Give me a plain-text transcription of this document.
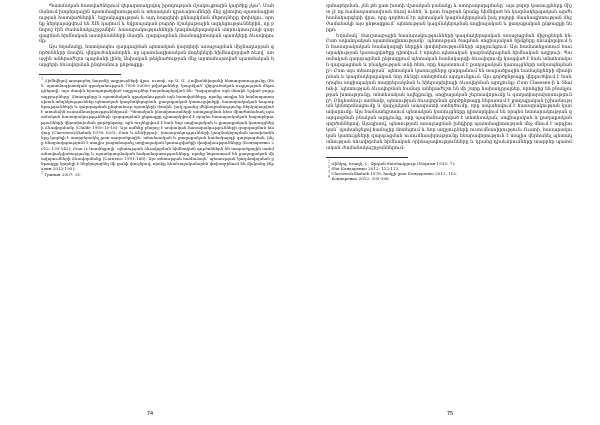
Պատմական հատվածներում վերարտադրվող իրողության մշակույթային կարծիք չկա՞: Սահմանում խորհրդային պատմագիտության և տեսական դրսևորումների մեջ դիտվող պատմագիտության հատվածներին՝ եզրակացության և այդ հարցերի քննարկման մեթոդները փոխելու, որոնք ներկայացվում են XIX դարում և եվրոպական բարձր մշակութային ազդեցություններին, որ բնորոշ էին ժամանակաշրջանին՝ հասարակությունների կազմակերպական ստրուկտուրայի զարգացման հիմնական աստիճանների մասին. զարգացման մասնագիտական պատկերի ձևավորումը:

Այս եղանակը, հատկապես զարգացման պետական կարգերի առաջացման միջնադարյան գործոնների մասին, վերլուծականորեն, որ պատմագիտական մոդելների հիմնավորված ձևով՝ առաջին անհրաժեշտ պայմանի լինել Ասիական թեկնածության մեջ արտահայտված պատմական հարցերի ձևավորման ընդհանուր ընթացքը:

$^1$ Հիմնվելով ասպարեզ հայտնի աղբյուրների վրա, ուստի, որ Ա. Մ. Հովհաննիսյանի հետազոտությունը (հեն՝ պատմագիտական գրականություն 7000-20000 թվականներ, կազմված՝ վերլուծական ուղղության մեթոդներով), այս մասին հրապարակված աղբյուրներ հայտնաբերված են: Պարզապես այն մասին նշված բոլոր աղբյուրները՝ ձեռագրերը և պատմական գրականության այն հատվածները, որոնք տալիս են համապատասխան տեղեկություններ պետական կազմակերպման, քաղաքական կառուցվածքի, հասարակական հարաբերությունների և զարգացման ընդհանուր պատկերի մասին, իսկ դրանց մեկնաբանությունը ներկայացված է առանձին ուսումնասիրություններում: Պետական ինստիտուտների առաջացման հետ միաժամանակ պատմական հասարակությունների զարգացման ընթացքը դիտարկվում է որպես հասարակական հարաբերությունների վերափոխման գործընթաց, որն ուղեկցվում է նաև նոր սոցիալական և քաղաքական կառույցների ձևավորմամբ (Childe 1950:10-16): Այս ամենը բնորոշ է ասիական հասարակությունների զարգացման համար (Claessen&Skalnik 1978: 625): Ըստ Կ.Ռենֆրյուի՝ հասարակությունների կազմակերպման աստիճանները կարելի է տարբերակել ըստ տարածքային, տնտեսական և քաղաքական համակարգի զարգացման, ինչը հնարավորություն է տալիս բացահայտել սոցիալական կառուցվածքի փոփոխությունները (Бондаренко 2012: 139-142): Ըստ Ռ.Կառնեյրոյի՝ պետության ձևավորման հիմնական գործոններն են տարածքային սահմանափակվածությունը և պատերազմական հակամարտությունները, որոնք նպաստում են քաղաքական միավորումների ձևավորմանը (Carneiro 1991:168): Այս տեսության համաձայն՝ պետության կազմավորման ընթացքը կարելի է ներկայացնել մի քանի փուլերով, որոնք հետևողականորեն փոխարինում են միմյանց (Крадин 2012:195):

$^2$ Гринин 2007: 31.

74

զոհաբերման, չեն թե ըստ խոտի մշտական բանակը և ստորակարգմանը՝ այս բոլոր կառույցները միշտ չէ որ համապատասխան ձևով ունեն, և ըստ էության նրանք հիմնված են կազմակերպական արժեհամակարգերի վրա, որը գործում էր պետական կազմակերպման իսկ բոլորի մասնագիտության մեջ ժամանակի այս ընթացքում՝ պետության կազմակերպման սոցիալական և քաղաքական ընթացքի ներքո:

Եղանակ՝ մասշտաբային հասարակությունների կազմակերպական առաջացման միջոցներն են: Ըստ ավանդական պատմագիտությամբ՝ պետության ծագման սոցիալական հիմքերը ձևավորվում են հասարակական համակարգի ներքին փոփոխությունների արդյունքում: Այս համատեքստում հասարակության կառուցվածքը դիտվում է որպես պետական կազմակերպման հիմնական աղբյուր: Պատմական զարգացման ընթացքում պետական համակարգի ձևավորումը կապված է նաև տնտեսական զարգացման և բնակչության աճի հետ, որը նպաստում է քաղաքական կառույցների ամրապնդմանը³: Ըստ այս տեսության՝ պետական կառույցները զարգանում են տարածքային համայնքների միավորման և կազմակերպական նոր ձևերի ստեղծման արդյունքում: Այս գործընթացը վերլուծվում է նաև որպես սոցիալական տարբերակման և հիերարխիայի ձևավորման արդյունք: Ըստ Claessen-ի և Skalnik-ի՝ պետության ձևավորման համար անհրաժեշտ են մի շարք նախադրյալներ, որոնցից են բնակչության խտությունը, տնտեսական ավելցուկը, սոցիալական շերտավորումը և գաղափարախոսությունը⁴: Ընդհանուր առմամբ, պետության ձևավորման գործընթացը ներառում է քաղաքական իշխանության կենտրոնացումը և վարչական ապարատի ստեղծումը, որը ապահովում է հասարակության կառավարումը: Այս համատեքստում պետական կառույցները դիտարկվում են որպես հասարակության զարգացման բնական արդյունք, որը պայմանավորված է տնտեսական, սոցիալական և քաղաքական գործոններով: Այսպիսով, պետության առաջացման խնդիրը պատմագիտության մեջ մնում է արդիական՝ պահանջելով համալիր մոտեցում և նոր աղբյուրների ուսումնասիրություն: Ուստի, հասարակական կառույցների զարգացման ուսումնասիրությունը հնարավորություն է տալիս վերհանել պետականության ձևավորման հիմնական օրինաչափությունները և դրանց դրսևորումները տարբեր պատմական ժամանակաշրջաններում:

$^1$ Վինկոլ, Խաղկ, Լ, Արդան մասնակցութ (Морган 1935: 7):

$^2$ Տես Бондаренко 2012: 112-113.

$^3$ Claessen&Skalnik 1978, հակլի ըստ Бондаренко 2012: 102.

$^4$ Бондаренко 2012: 105-106.

75
